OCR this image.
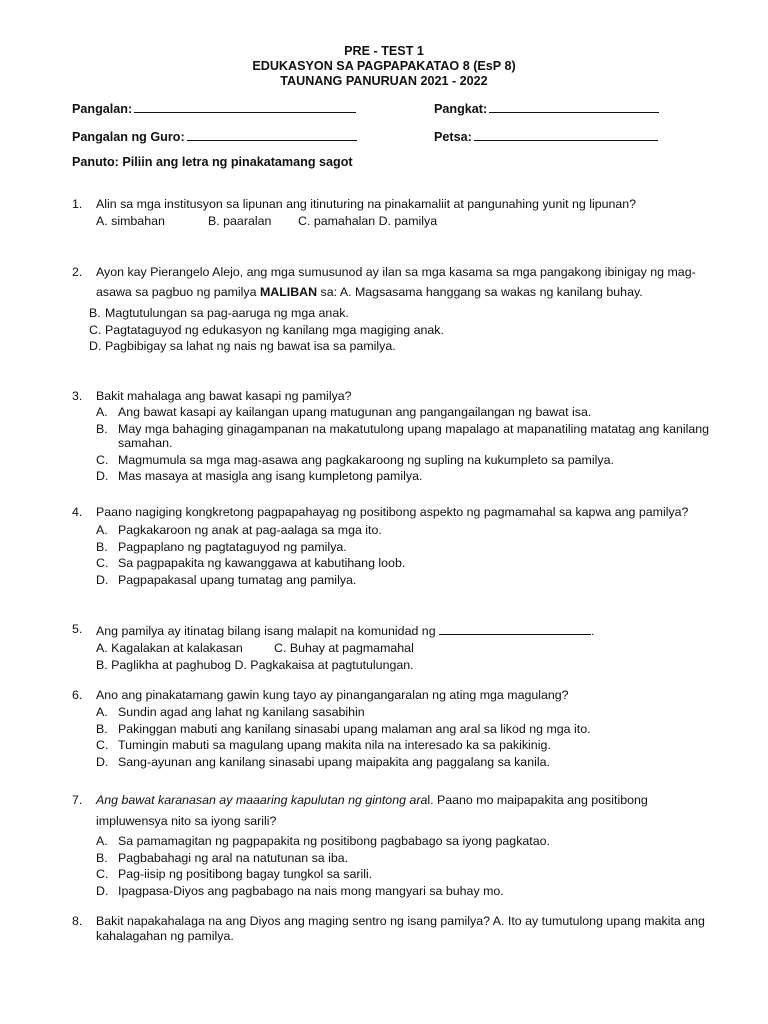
PRE - TEST 1
EDUKASYON SA PAGPAPAKATAO 8 (EsP 8)
TAUNANG PANURUAN 2021 - 2022
Pangalan:	Pangkat:
Pangalan ng Guro:	Petsa:
Panuto: Piliin ang letra ng pinakatamang sagot
1.	Alin sa mga institusyon sa lipunan ang itinuturing na pinakamaliit at pangunahing yunit ng lipunan?
A. simbahan	B. paaralan C. pamahalan D. pamilya
2.	Ayon kay Pierangelo Alejo, ang mga sumusunod ay ilan sa mga kasama sa mga pangakong ibinigay ng mag-asawa sa pagbuo ng pamilya MALIBAN sa: A. Magsasama hanggang sa wakas ng kanilang buhay.
B. Magtutulungan sa pag-aaruga ng mga anak.
C. Pagtataguyod ng edukasyon ng kanilang mga magiging anak.
D. Pagbibigay sa lahat ng nais ng bawat isa sa pamilya.
3.	Bakit mahalaga ang bawat kasapi ng pamilya?
A. Ang bawat kasapi ay kailangan upang matugunan ang pangangailangan ng bawat isa.
B. May mga bahaging ginagampanan na makatutulong upang mapalago at mapanatiling matatag ang kanilang samahan.
C. Magmumula sa mga mag-asawa ang pagkakaroong ng supling na kukumpleto sa pamilya.
D. Mas masaya at masigla ang isang kumpletong pamilya.
4.	Paano nagiging kongkretong pagpapahayag ng positibong aspekto ng pagmamahal sa kapwa ang pamilya?
A. Pagkakaroon ng anak at pag-aalaga sa mga ito.
B. Pagpaplano ng pagtataguyod ng pamilya.
C. Sa pagpapakita ng kawanggawa at kabutihang loob.
D. Pagpapakasal upang tumatag ang pamilya.
5.	Ang pamilya ay itinatag bilang isang malapit na komunidad ng	.
A. Kagalakan at kalakasan	C. Buhay at pagmamahal
B. Paglikha at paghubog D. Pagkakaisa at pagtutulungan.
6.	Ano ang pinakatamang gawin kung tayo ay pinangangaralan ng ating mga magulang?
A. Sundin agad ang lahat ng kanilang sasabihin
B. Pakinggan mabuti ang kanilang sinasabi upang malaman ang aral sa likod ng mga ito.
C. Tumingin mabuti sa magulang upang makita nila na interesado ka sa pakikinig.
D. Sang-ayunan ang kanilang sinasabi upang maipakita ang paggalang sa kanila.
7.	Ang bawat karanasan ay maaaring kapulutan ng gintong aral. Paano mo maipapakita ang positibong impluwensya nito sa iyong sarili?
A. Sa pamamagitan ng pagpapakita ng positibong pagbabago sa iyong pagkatao.
B. Pagbabahagi ng aral na natutunan sa iba.
C. Pag-iisip ng positibong bagay tungkol sa sarili.
D. Ipagpasa-Diyos ang pagbabago na nais mong mangyari sa buhay mo.
8.	Bakit napakahalaga na ang Diyos ang maging sentro ng isang pamilya? A. Ito ay tumutulong upang makita ang kahalagahan ng pamilya.
